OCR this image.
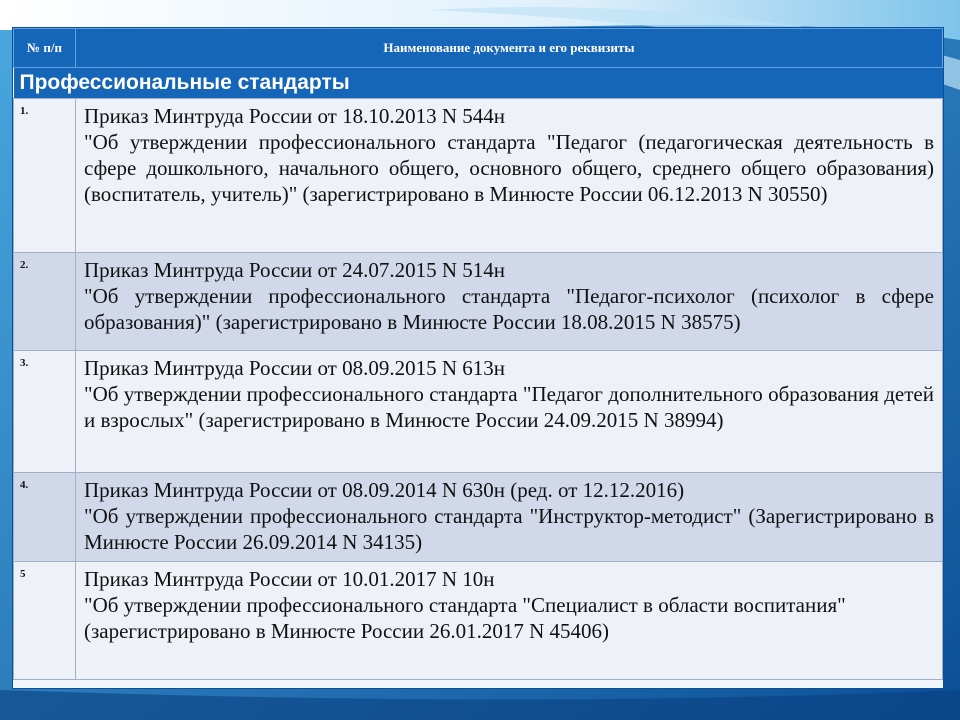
№ п/п	Наименование документа и его реквизиты
Профессиональные стандарты	
1.	Приказ Минтруда России от 18.10.2013 N 544н
"Об утверждении профессионального стандарта "Педагог (педагогическая деятельность в сфере дошкольного, начального общего, основного общего, среднего общего образования) (воспитатель, учитель)" (зарегистрировано в Минюсте России 06.12.2013 N 30550)

2.	Приказ Минтруда России от 24.07.2015 N 514н
"Об утверждении профессионального стандарта "Педагог-психолог (психолог в сфере образования)" (зарегистрировано в Минюсте России 18.08.2015 N 38575)

3.	Приказ Минтруда России от 08.09.2015 N 613н
"Об утверждении профессионального стандарта "Педагог дополнительного образования детей и взрослых" (зарегистрировано в Минюсте России 24.09.2015 N 38994)

4.	Приказ Минтруда России от 08.09.2014 N 630н (ред. от 12.12.2016)
"Об утверждении профессионального стандарта "Инструктор-методист" (Зарегистрировано в Минюсте России 26.09.2014 N 34135)

5	Приказ Минтруда России от 10.01.2017 N 10н
"Об утверждении профессионального стандарта "Специалист в области воспитания"
(зарегистрировано в Минюсте России 26.01.2017 N 45406)
